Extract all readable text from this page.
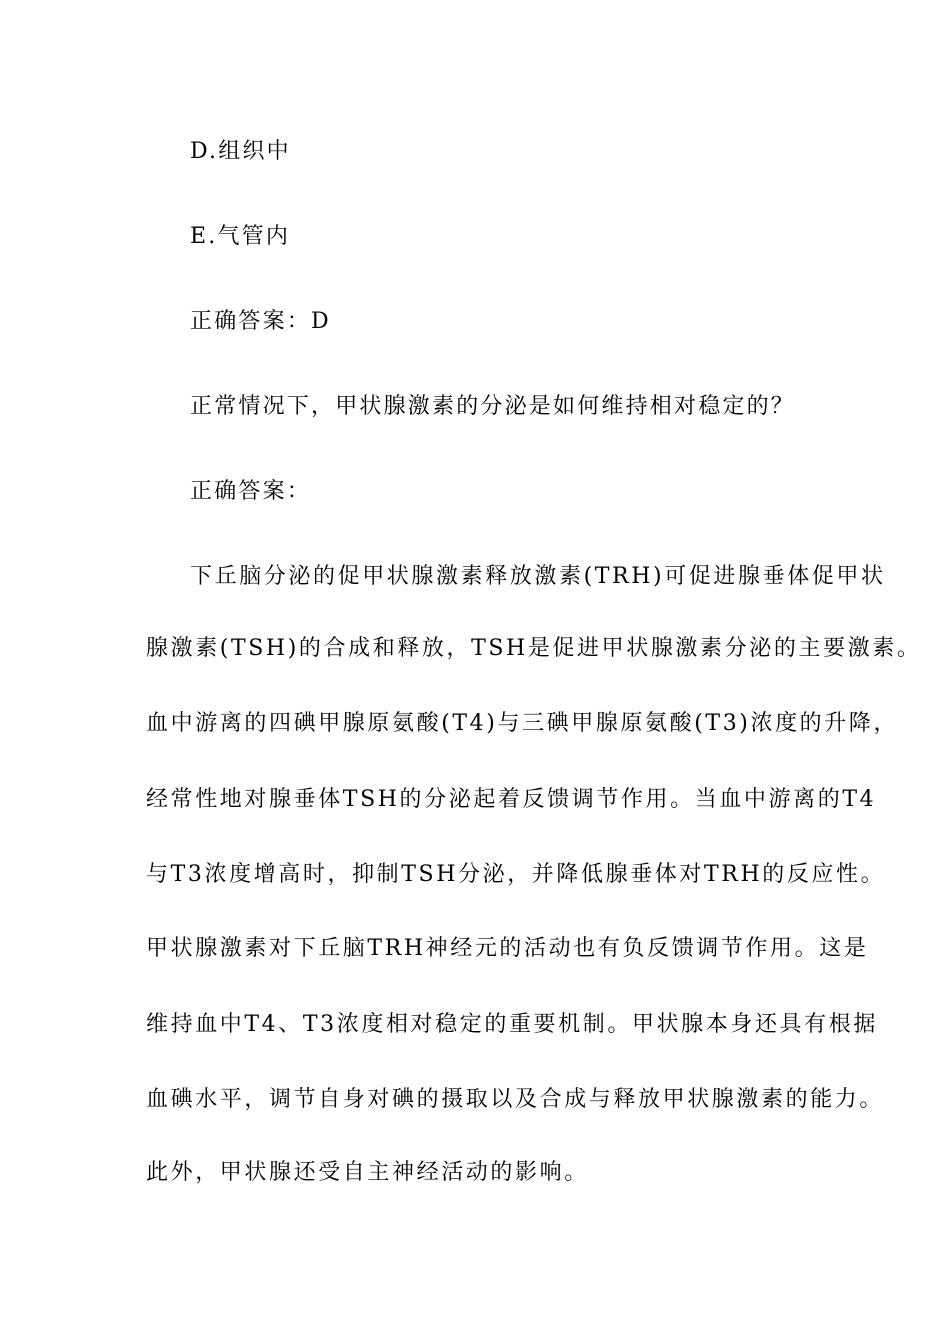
D.组织中
E.气管内
正确答案：D
正常情况下，甲状腺激素的分泌是如何维持相对稳定的？
正确答案：
下丘脑分泌的促甲状腺激素释放激素(TRH)可促进腺垂体促甲状
腺激素(TSH)的合成和释放，TSH是促进甲状腺激素分泌的主要激素。
血中游离的四碘甲腺原氨酸(T4)与三碘甲腺原氨酸(T3)浓度的升降，
经常性地对腺垂体TSH的分泌起着反馈调节作用。当血中游离的T4
与T3浓度增高时，抑制TSH分泌，并降低腺垂体对TRH的反应性。
甲状腺激素对下丘脑TRH神经元的活动也有负反馈调节作用。这是
维持血中T4、T3浓度相对稳定的重要机制。甲状腺本身还具有根据
血碘水平，调节自身对碘的摄取以及合成与释放甲状腺激素的能力。
此外，甲状腺还受自主神经活动的影响。
